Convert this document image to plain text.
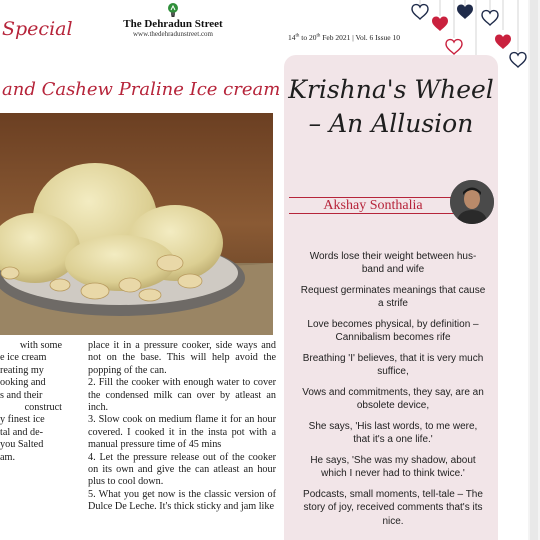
Special	The Dehradun Street
www.thedehradunstreet.com	14th to 20th Feb 2021 | Vol. 6 Issue 10
and Cashew Praline Ice cream
with some
e ice cream
reating my
ooking and
s and their
construct
y finest ice
tal and de-
you Salted
am.

place it in a pressure cooker, side ways and not on the base. This will help avoid the popping of the can.

2. Fill the cooker with enough water to cover the condensed milk can over by atleast an inch.

3. Slow cook on medium flame it for an hour covered. I cooked it in the insta pot with a manual pressure time of 45 mins

4. Let the pressure release out of the cooker on its own and give the can atleast an hour plus to cool down.

5. What you get now is the classic version of Dulce De Leche. It's thick sticky and jam like

Krishna's Wheel
– An Allusion
Akshay Sonthalia
Words lose their weight between hus-
band and wife
Request germinates meanings that cause
a strife
Love becomes physical, by definition –
Cannibalism becomes rife
Breathing 'I' believes, that it is very much
suffice,
Vows and commitments, they say, are an
obsolete device,
She says, 'His last words, to me were,
that it's a one life.'
He says, 'She was my shadow, about
which I never had to think twice.'
Podcasts, small moments, tell-tale – The
story of joy, received comments that's its
nice.
